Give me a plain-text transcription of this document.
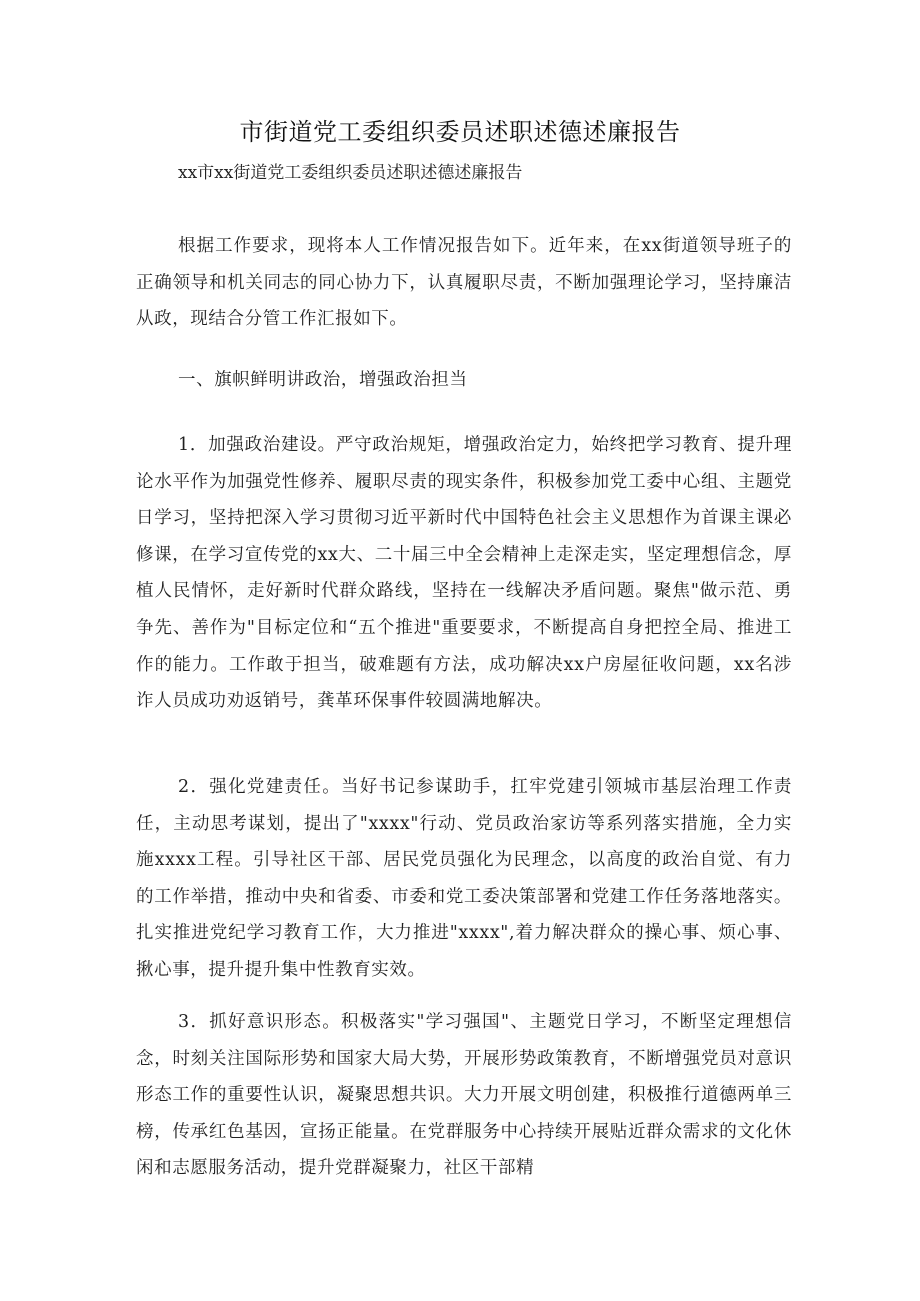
市街道党工委组织委员述职述德述廉报告
xx市xx街道党工委组织委员述职述德述廉报告

根据工作要求，现将本人工作情况报告如下。近年来，在xx街道领导班子的正确领导和机关同志的同心协力下，认真履职尽责，不断加强理论学习，坚持廉洁从政，现结合分管工作汇报如下。

一、旗帜鲜明讲政治，增强政治担当

1．加强政治建设。严守政治规矩，增强政治定力，始终把学习教育、提升理论水平作为加强党性修养、履职尽责的现实条件，积极参加党工委中心组、主题党日学习，坚持把深入学习贯彻习近平新时代中国特色社会主义思想作为首课主课必修课，在学习宣传党的xx大、二十届三中全会精神上走深走实，坚定理想信念，厚植人民情怀，走好新时代群众路线，坚持在一线解决矛盾问题。聚焦"做示范、勇争先、善作为"目标定位和“五个推进"重要要求，不断提高自身把控全局、推进工作的能力。工作敢于担当，破难题有方法，成功解决xx户房屋征收问题，xx名涉诈人员成功劝返销号，龚革环保事件较圆满地解决。

2．强化党建责任。当好书记参谋助手，扛牢党建引领城市基层治理工作责任，主动思考谋划，提出了"xxxx"行动、党员政治家访等系列落实措施，全力实施xxxx工程。引导社区干部、居民党员强化为民理念，以高度的政治自觉、有力的工作举措，推动中央和省委、市委和党工委决策部署和党建工作任务落地落实。扎实推进党纪学习教育工作，大力推进"xxxx",着力解决群众的操心事、烦心事、揪心事，提升提升集中性教育实效。

3．抓好意识形态。积极落实"学习强国"、主题党日学习，不断坚定理想信念，时刻关注国际形势和国家大局大势，开展形势政策教育，不断增强党员对意识形态工作的重要性认识，凝聚思想共识。大力开展文明创建，积极推行道德两单三榜，传承红色基因，宣扬正能量。在党群服务中心持续开展贴近群众需求的文化休闲和志愿服务活动，提升党群凝聚力，社区干部精
